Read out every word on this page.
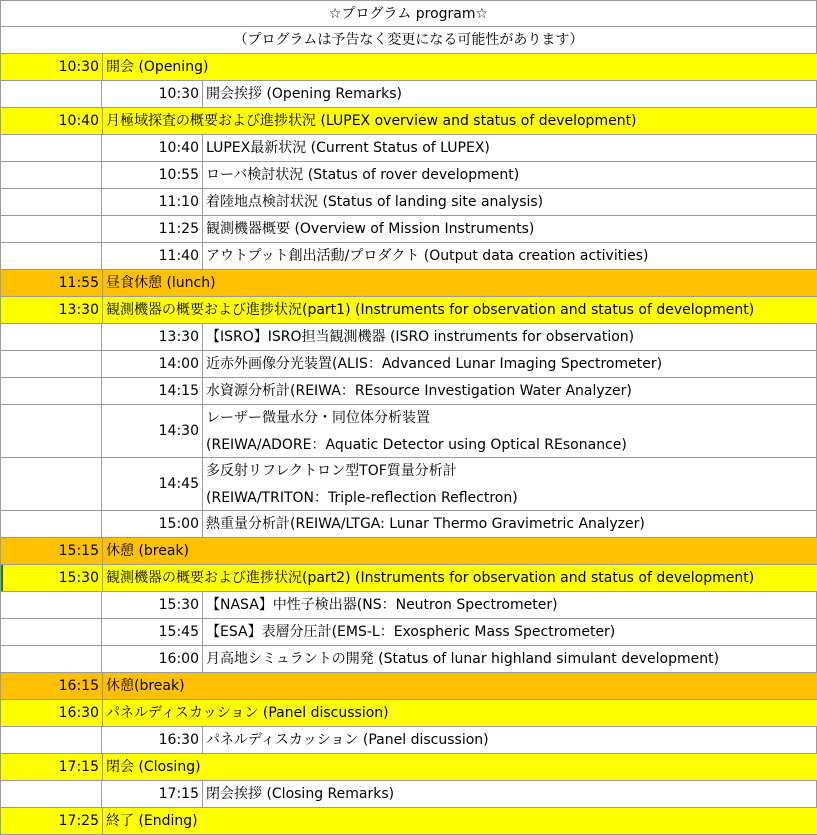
☆プログラム program☆
（プログラムは予告なく変更になる可能性があります）
10:30 開会 (Opening)
10:30 開会挨拶 (Opening Remarks)
10:40 月極域探査の概要および進捗状況 (LUPEX overview and status of development)
10:40 LUPEX最新状況 (Current Status of LUPEX)
10:55 ローバ検討状況 (Status of rover development)
11:10 着陸地点検討状況 (Status of landing site analysis)
11:25 観測機器概要 (Overview of Mission Instruments)
11:40 アウトプット創出活動/プロダクト (Output data creation activities)
11:55 昼食休憩 (lunch)
13:30 観測機器の概要および進捗状況(part1) (Instruments for observation and status of development)
13:30 【ISRO】ISRO担当観測機器 (ISRO instruments for observation)
14:00 近赤外画像分光装置(ALIS：Advanced Lunar Imaging Spectrometer)
14:15 水資源分析計(REIWA：REsource Investigation Water Analyzer)
14:30
レーザー微量水分・同位体分析装置
(REIWA/ADORE：Aquatic Detector using Optical REsonance)
14:45
多反射リフレクトロン型TOF質量分析計
(REIWA/TRITON：Triple-reflection Reflectron)
15:00 熱重量分析計(REIWA/LTGA: Lunar Thermo Gravimetric Analyzer)
15:15 休憩 (break)
15:30 観測機器の概要および進捗状況(part2) (Instruments for observation and status of development)
15:30 【NASA】中性子検出器(NS：Neutron Spectrometer)
15:45 【ESA】表層分圧計(EMS-L：Exospheric Mass Spectrometer)
16:00 月高地シミュラントの開発 (Status of lunar highland simulant development)
16:15 休憩(break)
16:30 パネルディスカッション (Panel discussion)
16:30 パネルディスカッション (Panel discussion)
17:15 閉会 (Closing)
17:15 閉会挨拶 (Closing Remarks)
17:25 終了 (Ending)
